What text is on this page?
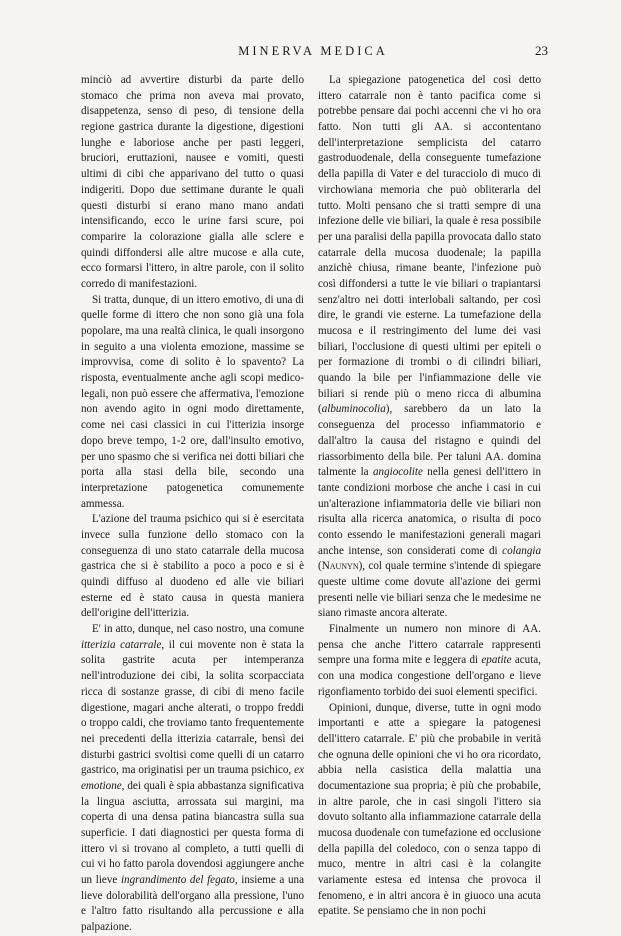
MINERVA MEDICA	23

minciò ad avvertire disturbi da parte dello stomaco che prima non aveva mai provato, disappetenza, senso di peso, di tensione della regione gastrica durante la digestione, digestioni lunghe e laboriose anche per pasti leggeri, bruciori, eruttazioni, nausee e vomiti, questi ultimi di cibi che apparivano del tutto o quasi indigeriti. Dopo due settimane durante le quali questi disturbi si erano mano mano andati intensificando, ecco le urine farsi scure, poi comparire la colorazione gialla alle sclere e quindi diffondersi alle altre mucose e alla cute, ecco formarsi l'ittero, in altre parole, con il solito corredo di manifestazioni.

Si tratta, dunque, di un ittero emotivo, di una di quelle forme di ittero che non sono già una fola popolare, ma una realtà clinica, le quali insorgono in seguito a una violenta emozione, massime se improvvisa, come di solito è lo spavento? La risposta, eventualmente anche agli scopi medico-legali, non può essere che affermativa, l'emozione non avendo agito in ogni modo direttamente, come nei casi classici in cui l'itterizia insorge dopo breve tempo, 1-2 ore, dall'insulto emotivo, per uno spasmo che si verifica nei dotti biliari che porta alla stasi della bile, secondo una interpretazione patogenetica comunemente ammessa.

L'azione del trauma psichico qui si è esercitata invece sulla funzione dello stomaco con la conseguenza di uno stato catarrale della mucosa gastrica che si è stabilito a poco a poco e si è quindi diffuso al duodeno ed alle vie biliari esterne ed è stato causa in questa maniera dell'origine dell'itterizia.

E' in atto, dunque, nel caso nostro, una comune itterizia catarrale, il cui movente non è stata la solita gastrite acuta per intemperanza nell'introduzione dei cibi, la solita scorpacciata ricca di sostanze grasse, di cibi di meno facile digestione, magari anche alterati, o troppo freddi o troppo caldi, che troviamo tanto frequentemente nei precedenti della itterizia catarrale, bensì dei disturbi gastrici svoltisi come quelli di un catarro gastrico, ma originatisi per un trauma psichico, ex emotione, dei quali è spia abbastanza significativa la lingua asciutta, arrossata sui margini, ma coperta di una densa patina biancastra sulla sua superficie. I dati diagnostici per questa forma di ittero vi si trovano al completo, a tutti quelli di cui vi ho fatto parola dovendosi aggiungere anche un lieve ingrandimento del fegato, insieme a una lieve dolorabilità dell'organo alla pressione, l'uno e l'altro fatto risultando alla percussione e alla palpazione.

La spiegazione patogenetica del così detto ittero catarrale non è tanto pacifica come si potrebbe pensare dai pochi accenni che vi ho ora fatto. Non tutti gli AA. si accontentano dell'interpretazione semplicista del catarro gastroduodenale, della conseguente tumefazione della papilla di Vater e del turacciolo di muco di virchowiana memoria che può obliterarla del tutto. Molti pensano che si tratti sempre di una infezione delle vie biliari, la quale è resa possibile per una paralisi della papilla provocata dallo stato catarrale della mucosa duodenale; la papilla anzichè chiusa, rimane beante, l'infezione può così diffondersi a tutte le vie biliari o trapiantarsi senz'altro nei dotti interlobali saltando, per così dire, le grandi vie esterne. La tumefazione della mucosa e il restringimento del lume dei vasi biliari, l'occlusione di questi ultimi per epiteli o per formazione di trombi o di cilindri biliari, quando la bile per l'infiammazione delle vie biliari si rende più o meno ricca di albumina (albuminocolia), sarebbero da un lato la conseguenza del processo infiammatorio e dall'altro la causa del ristagno e quindi del riassorbimento della bile. Per taluni AA. domina talmente la angiocolite nella genesi dell'ittero in tante condizioni morbose che anche i casi in cui un'alterazione infiammatoria delle vie biliari non risulta alla ricerca anatomica, o risulta di poco conto essendo le manifestazioni generali magari anche intense, son considerati come di colangia (Naunyn), col quale termine s'intende di spiegare queste ultime come dovute all'azione dei germi presenti nelle vie biliari senza che le medesime ne siano rimaste ancora alterate.

Finalmente un numero non minore di AA. pensa che anche l'ittero catarrale rappresenti sempre una forma mite e leggera di epatite acuta, con una modica congestione dell'organo e lieve rigonfiamento torbido dei suoi elementi specifici.

Opinioni, dunque, diverse, tutte in ogni modo importanti e atte a spiegare la patogenesi dell'ittero catarrale. E' più che probabile in verità che ognuna delle opinioni che vi ho ora ricordato, abbia nella casistica della malattia una documentazione sua propria; è più che probabile, in altre parole, che in casi singoli l'ittero sia dovuto soltanto alla infiammazione catarrale della mucosa duodenale con tumefazione ed occlusione della papilla del coledoco, con o senza tappo di muco, mentre in altri casi è la colangite variamente estesa ed intensa che provoca il fenomeno, e in altri ancora è in giuoco una acuta epatite. Se pensiamo che in non pochi
